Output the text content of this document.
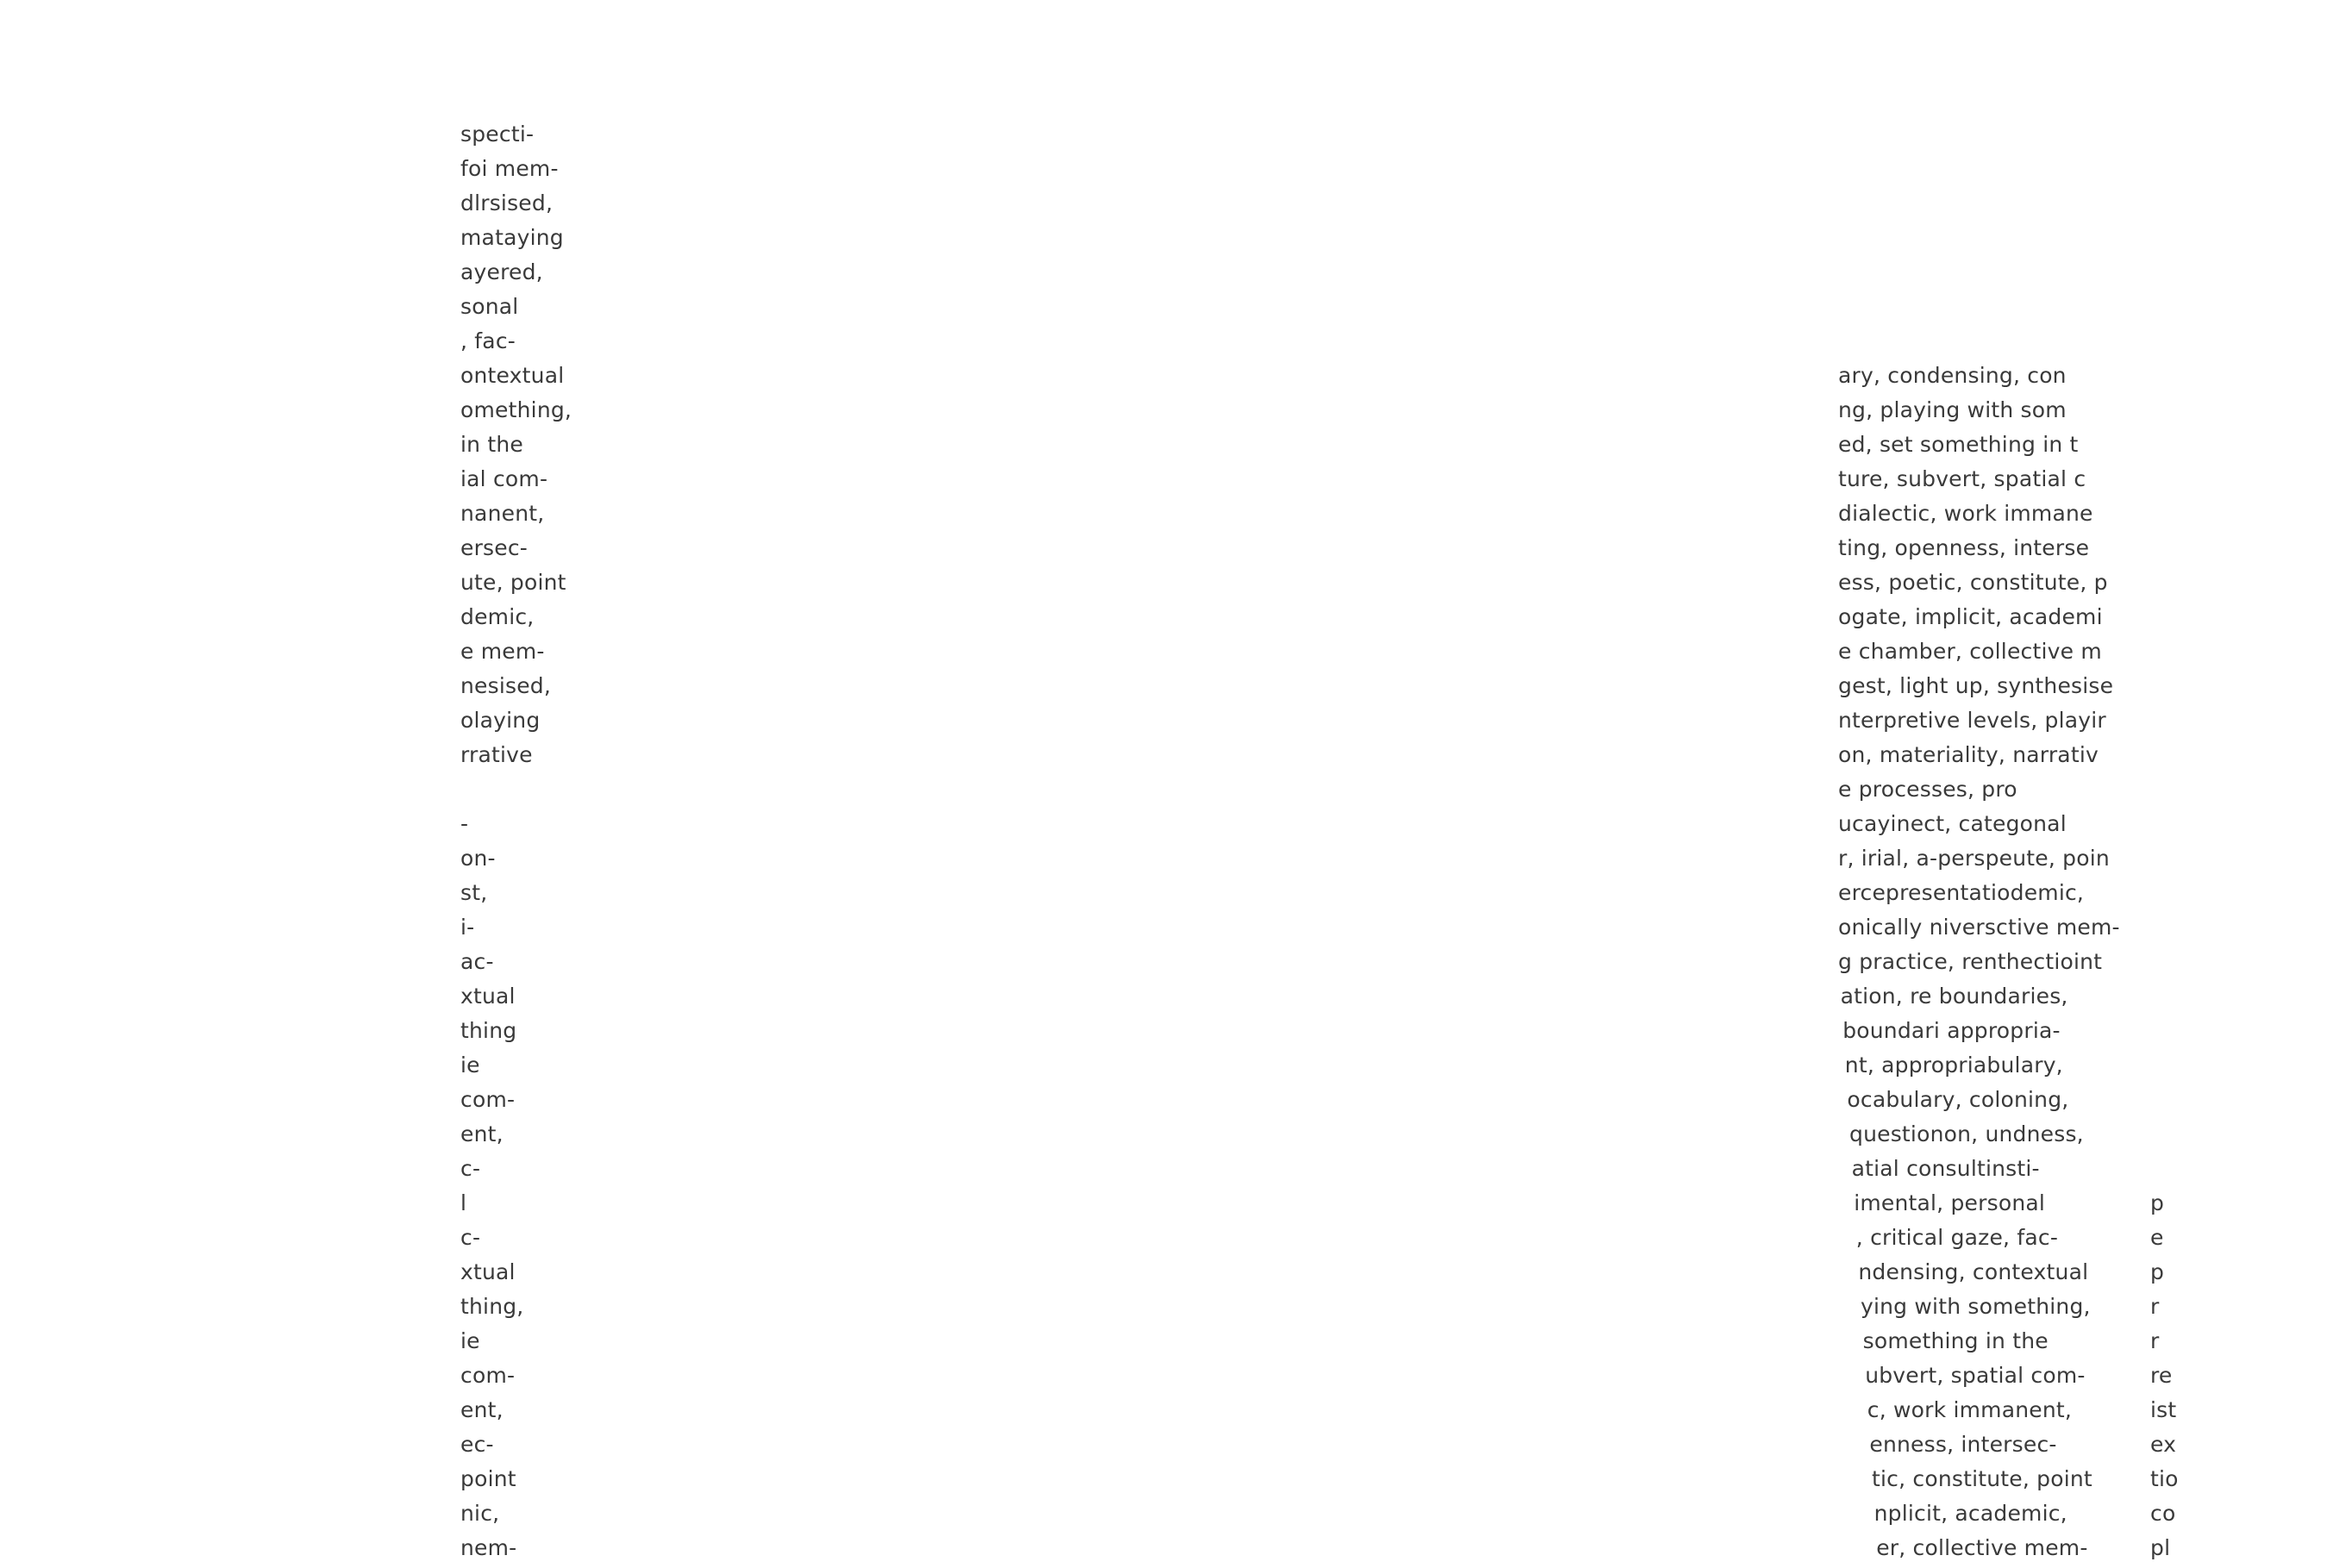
specti-
foi mem-
dlrsised,
mataying
ayered,
sonal
, fac-
ontextual
omething,
in the
ial com-
nanent,
ersec-
ute, point
demic,
e mem-
nesised,
olaying
rrative
-
on-
st,
i-
ac-
xtual
thing
ie
com-
ent,
c-
l
c-
xtual
thing,
ie
com-
ent,
ec-
point
nic,
nem-
ary, condensing, con
ng, playing with som
ed, set something in t
ture, subvert, spatial c
dialectic, work immane
ting, openness, interse
ess, poetic, constitute, p
ogate, implicit, academi
e chamber, collective m
gest, light up, synthesise
nterpretive levels, playir
on, materiality, narrativ
e processes, pro
ucayinect, categonal
r, irial, a-perspeute, poin
ercepresentatiodemic,
onically niversctive mem-
g practice, renthectioint
ation, re boundaries,
boundari appropria-
nt, appropriabulary,
ocabulary, coloning,
questionon, undness,
atial consultinsti-
imental, personal
, critical gaze, fac-
ndensing, contextual
ying with something,
something in the
ubvert, spatial com-
c, work immanent,
enness, intersec-
tic, constitute, point
nplicit, academic,
er, collective mem-
p
e
p
r
r
re
ist
ex
tio
co
pl
